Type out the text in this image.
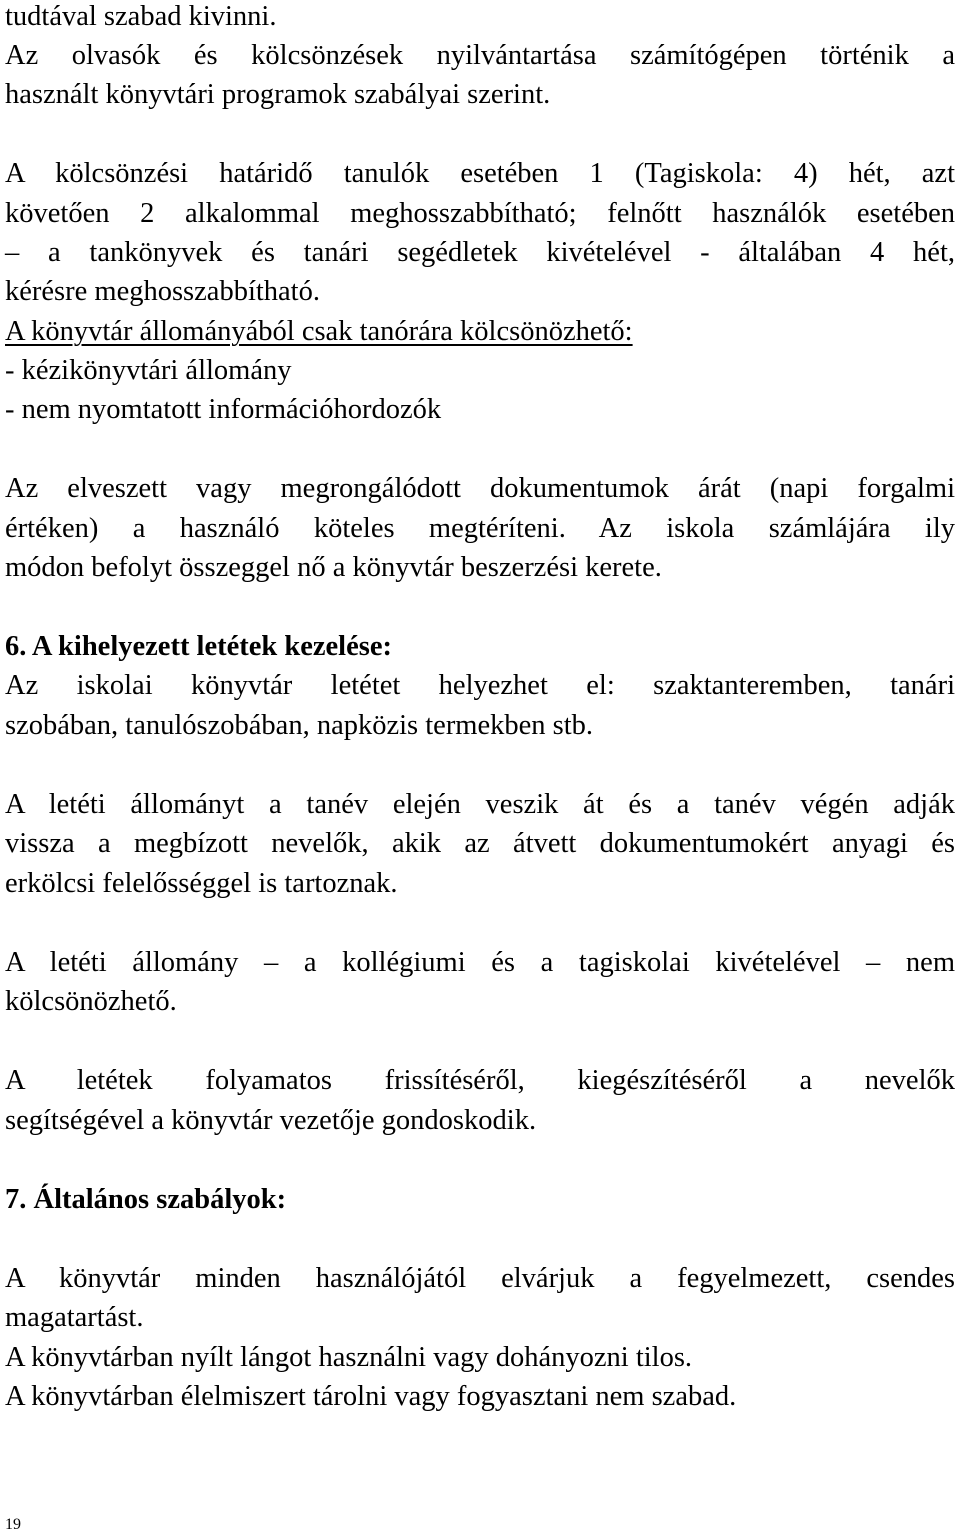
tudtával szabad kivinni.
Az olvasók és kölcsönzések nyilvántartása számítógépen történik a
használt könyvtári programok szabályai szerint.
A kölcsönzési határidő tanulók esetében 1 (Tagiskola: 4) hét, azt
követően 2 alkalommal meghosszabbítható; felnőtt használók esetében
– a tankönyvek és tanári segédletek kivételével - általában 4 hét,
kérésre meghosszabbítható.
A könyvtár állományából csak tanórára kölcsönözhető:
- kézikönyvtári állomány
- nem nyomtatott információhordozók
Az elveszett vagy megrongálódott dokumentumok árát (napi forgalmi
értéken) a használó köteles megtéríteni. Az iskola számlájára ily
módon befolyt összeggel nő a könyvtár beszerzési kerete.
6. A kihelyezett letétek kezelése:
Az iskolai könyvtár letétet helyezhet el: szaktanteremben, tanári
szobában, tanulószobában, napközis termekben stb.
A letéti állományt a tanév elején veszik át és a tanév végén adják
vissza a megbízott nevelők, akik az átvett dokumentumokért anyagi és
erkölcsi felelősséggel is tartoznak.
A letéti állomány – a kollégiumi és a tagiskolai kivételével – nem
kölcsönözhető.
A letétek folyamatos frissítéséről, kiegészítéséről a nevelők
segítségével a könyvtár vezetője gondoskodik.
7. Általános szabályok:
A könyvtár minden használójától elvárjuk a fegyelmezett, csendes
magatartást.
A könyvtárban nyílt lángot használni vagy dohányozni tilos.
A könyvtárban élelmiszert tárolni vagy fogyasztani nem szabad.
19
